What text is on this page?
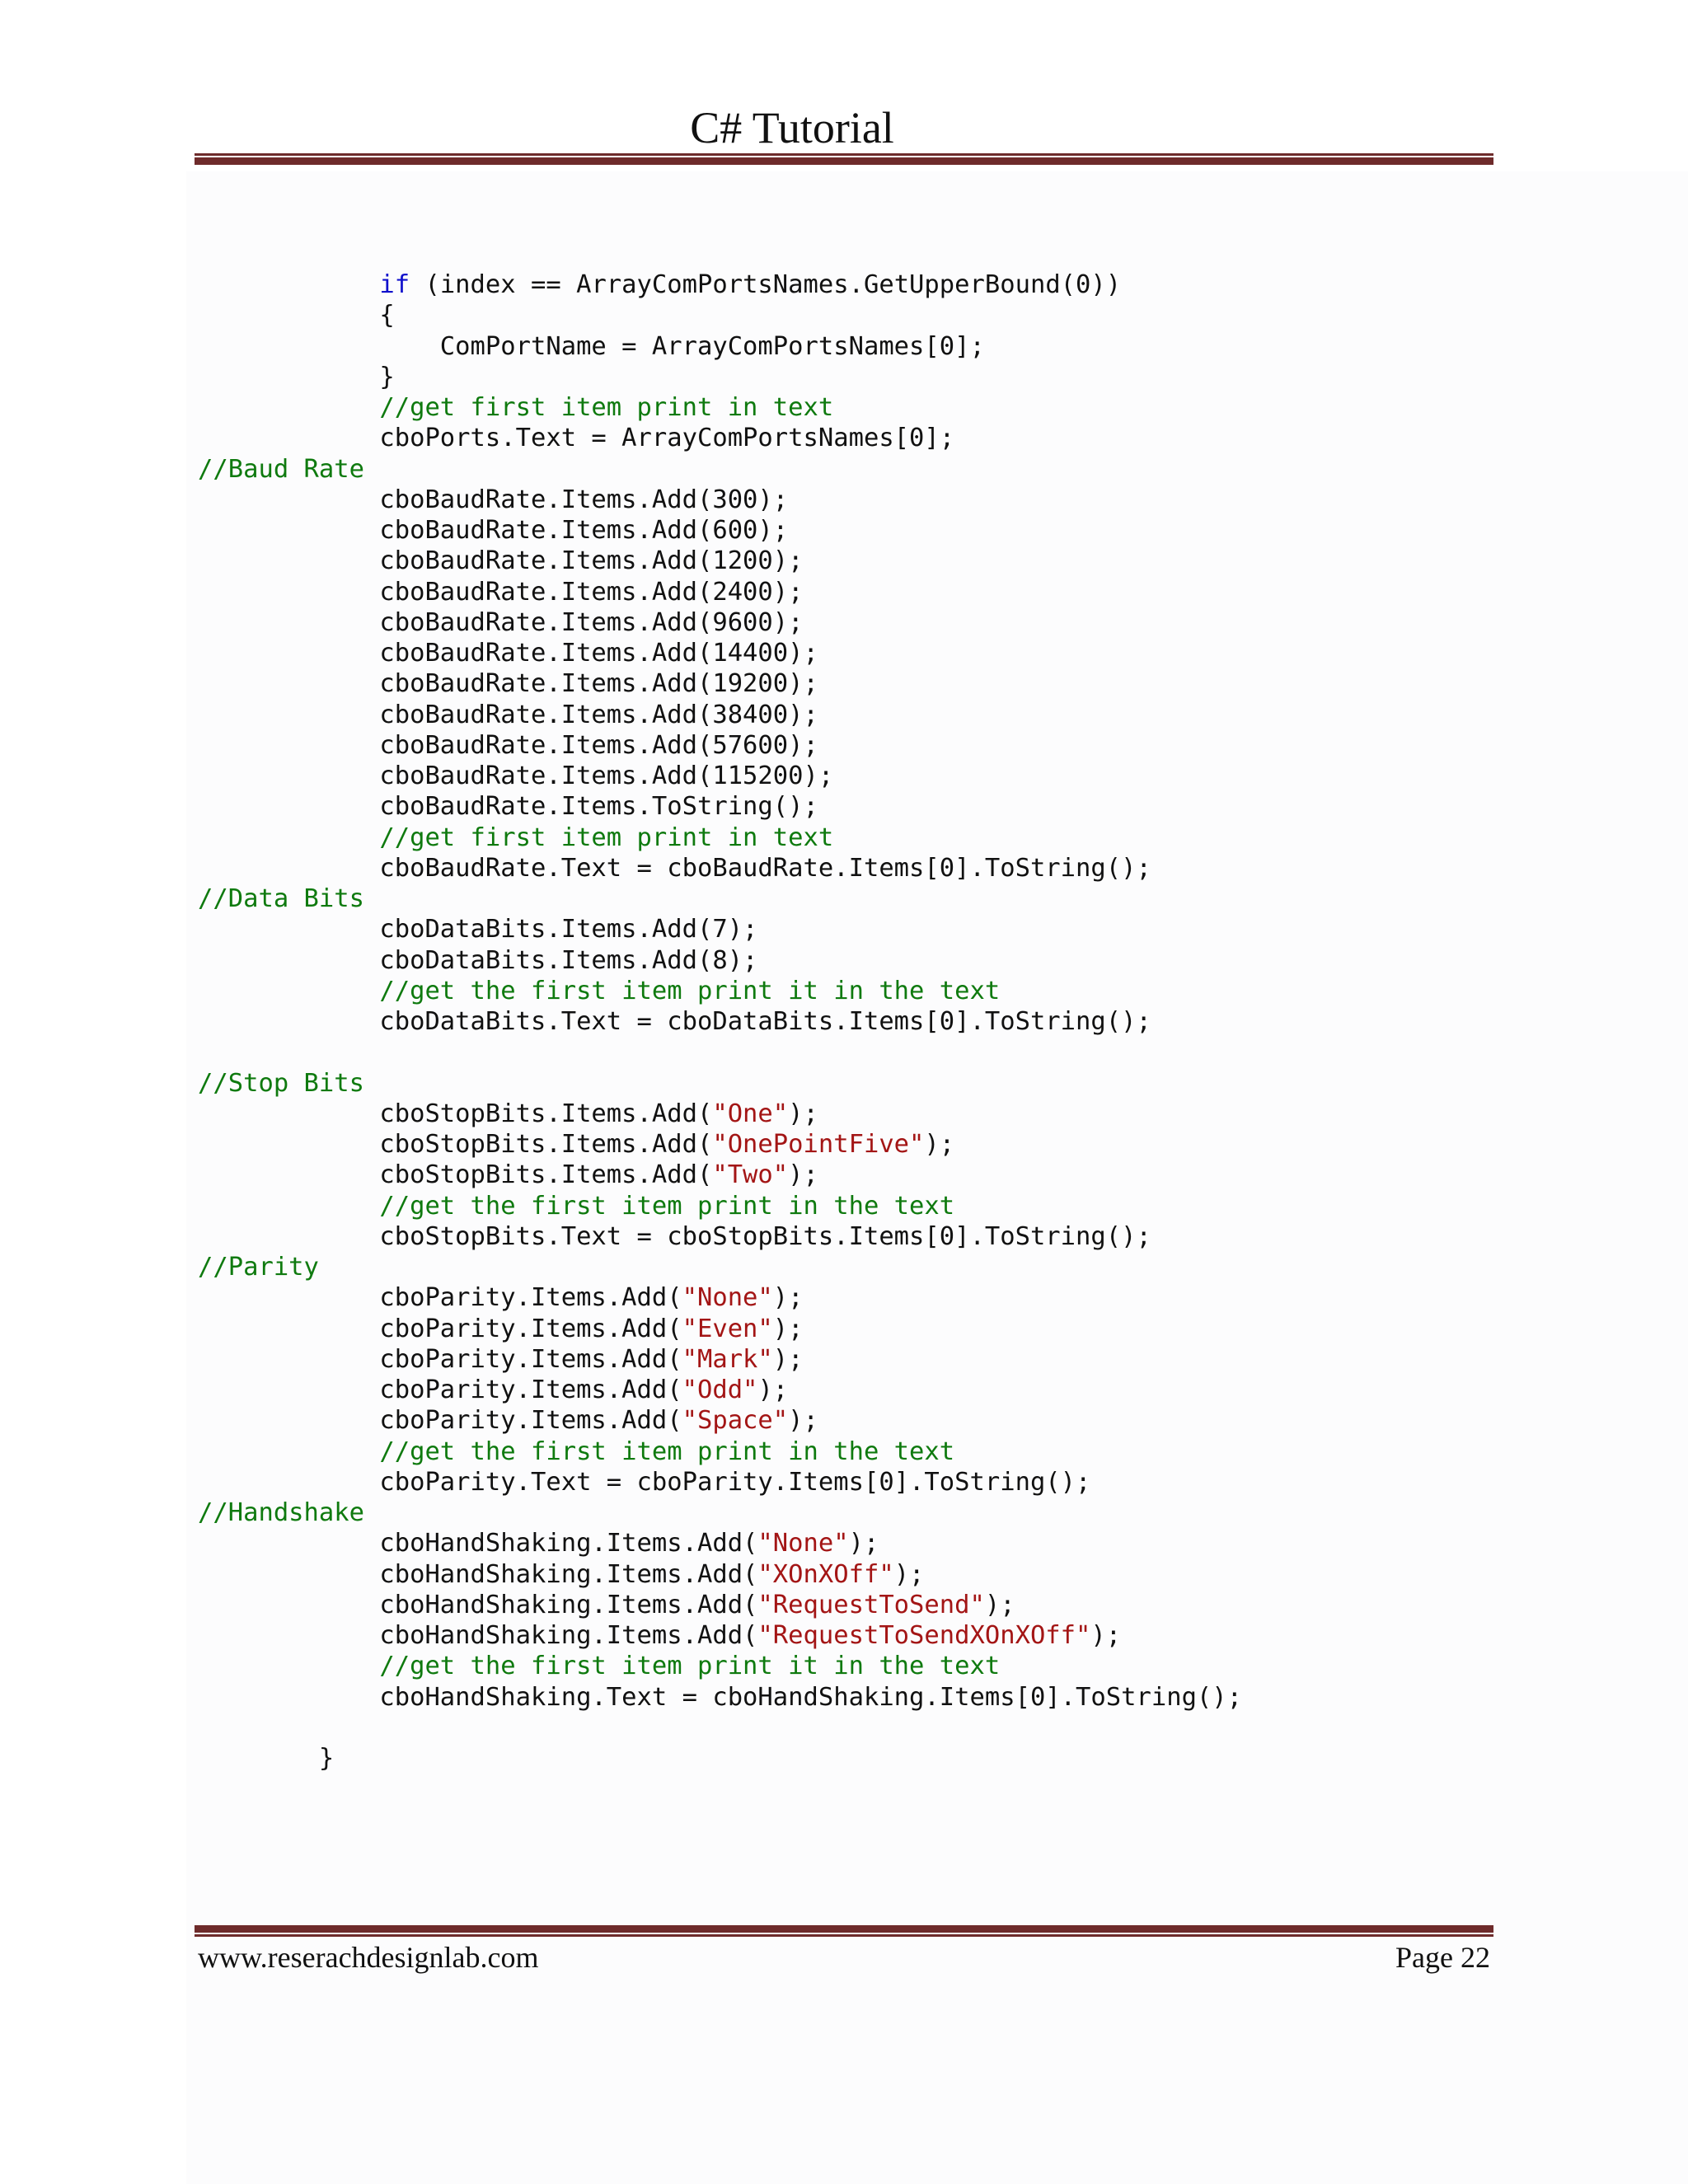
C# Tutorial
if (index == ArrayComPortsNames.GetUpperBound(0))
{
ComPortName = ArrayComPortsNames[0];
}
//get first item print in text
cboPorts.Text = ArrayComPortsNames[0];
//Baud Rate
cboBaudRate.Items.Add(300);
cboBaudRate.Items.Add(600);
cboBaudRate.Items.Add(1200);
cboBaudRate.Items.Add(2400);
cboBaudRate.Items.Add(9600);
cboBaudRate.Items.Add(14400);
cboBaudRate.Items.Add(19200);
cboBaudRate.Items.Add(38400);
cboBaudRate.Items.Add(57600);
cboBaudRate.Items.Add(115200);
cboBaudRate.Items.ToString();
//get first item print in text
cboBaudRate.Text = cboBaudRate.Items[0].ToString();
//Data Bits
cboDataBits.Items.Add(7);
cboDataBits.Items.Add(8);
//get the first item print it in the text
cboDataBits.Text = cboDataBits.Items[0].ToString();
//Stop Bits
cboStopBits.Items.Add("One");
cboStopBits.Items.Add("OnePointFive");
cboStopBits.Items.Add("Two");
//get the first item print in the text
cboStopBits.Text = cboStopBits.Items[0].ToString();
//Parity
cboParity.Items.Add("None");
cboParity.Items.Add("Even");
cboParity.Items.Add("Mark");
cboParity.Items.Add("Odd");
cboParity.Items.Add("Space");
//get the first item print in the text
cboParity.Text = cboParity.Items[0].ToString();
//Handshake
cboHandShaking.Items.Add("None");
cboHandShaking.Items.Add("XOnXOff");
cboHandShaking.Items.Add("RequestToSend");
cboHandShaking.Items.Add("RequestToSendXOnXOff");
//get the first item print it in the text
cboHandShaking.Text = cboHandShaking.Items[0].ToString();
}
www.reserachdesignlab.com	Page 22
